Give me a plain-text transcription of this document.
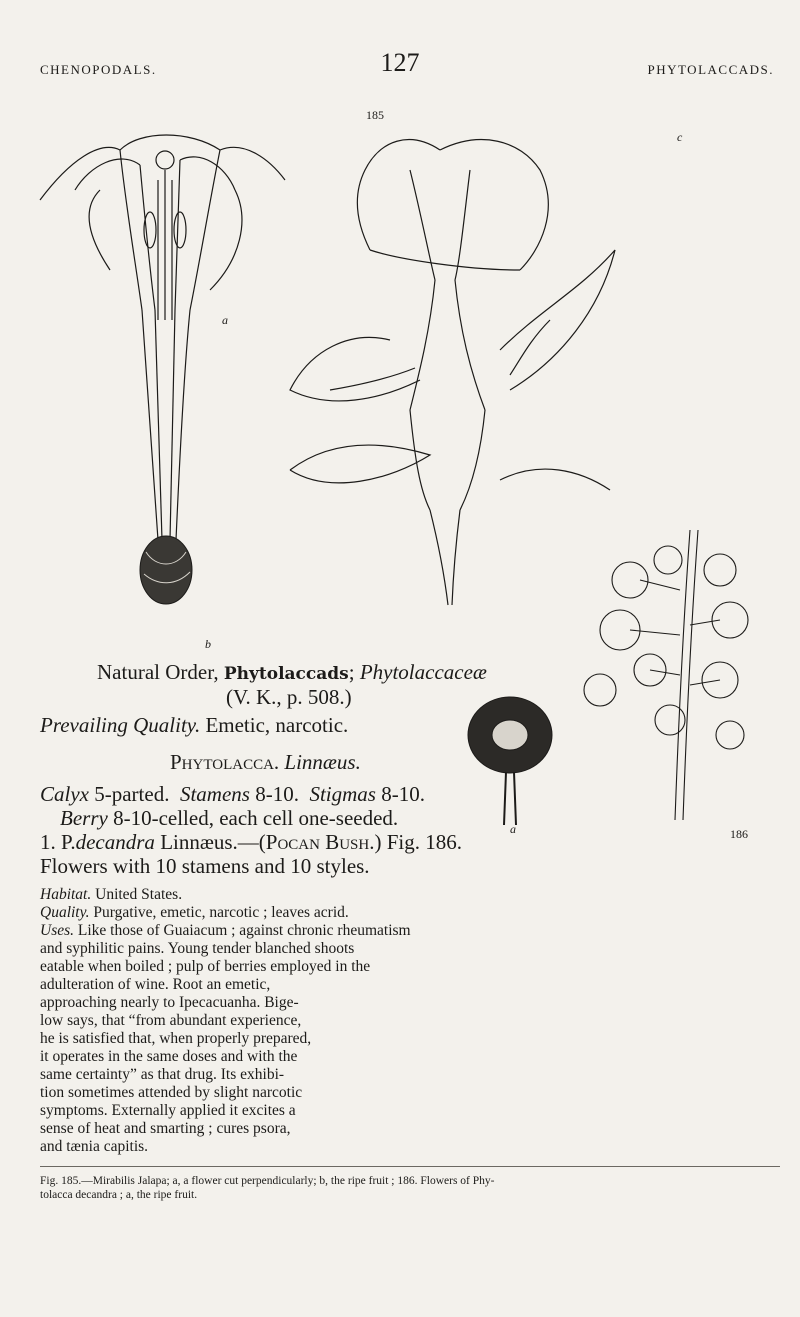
CHENOPODALS.	127	PHYTOLACCADS.
185
186
a
b
c
a
Natural Order, Phytolaccads; Phytolaccaceæ
(V. K., p. 508.)
Prevailing Quality. Emetic, narcotic.
Phytolacca. Linnæus.
Calyx 5-parted. Stamens 8-10. Stigmas 8-10.
Berry 8-10-celled, each cell one-seeded.
1. P.decandra Linnæus.—(Pocan Bush.) Fig. 186.
Flowers with 10 stamens and 10 styles.
Habitat. United States.
Quality. Purgative, emetic, narcotic ; leaves acrid.
Uses. Like those of Guaiacum ; against chronic rheumatism
and syphilitic pains. Young tender blanched shoots
eatable when boiled ; pulp of berries employed in the
adulteration of wine. Root an emetic,
approaching nearly to Ipecacuanha. Bige-
low says, that “from abundant experience,
he is satisfied that, when properly prepared,
it operates in the same doses and with the
same certainty” as that drug. Its exhibi-
tion sometimes attended by slight narcotic
symptoms. Externally applied it excites a
sense of heat and smarting ; cures psora,
and tænia capitis.
Fig. 185.—Mirabilis Jalapa; a, a flower cut perpendicularly; b, the ripe fruit ; 186. Flowers of Phy-
tolacca decandra ; a, the ripe fruit.
